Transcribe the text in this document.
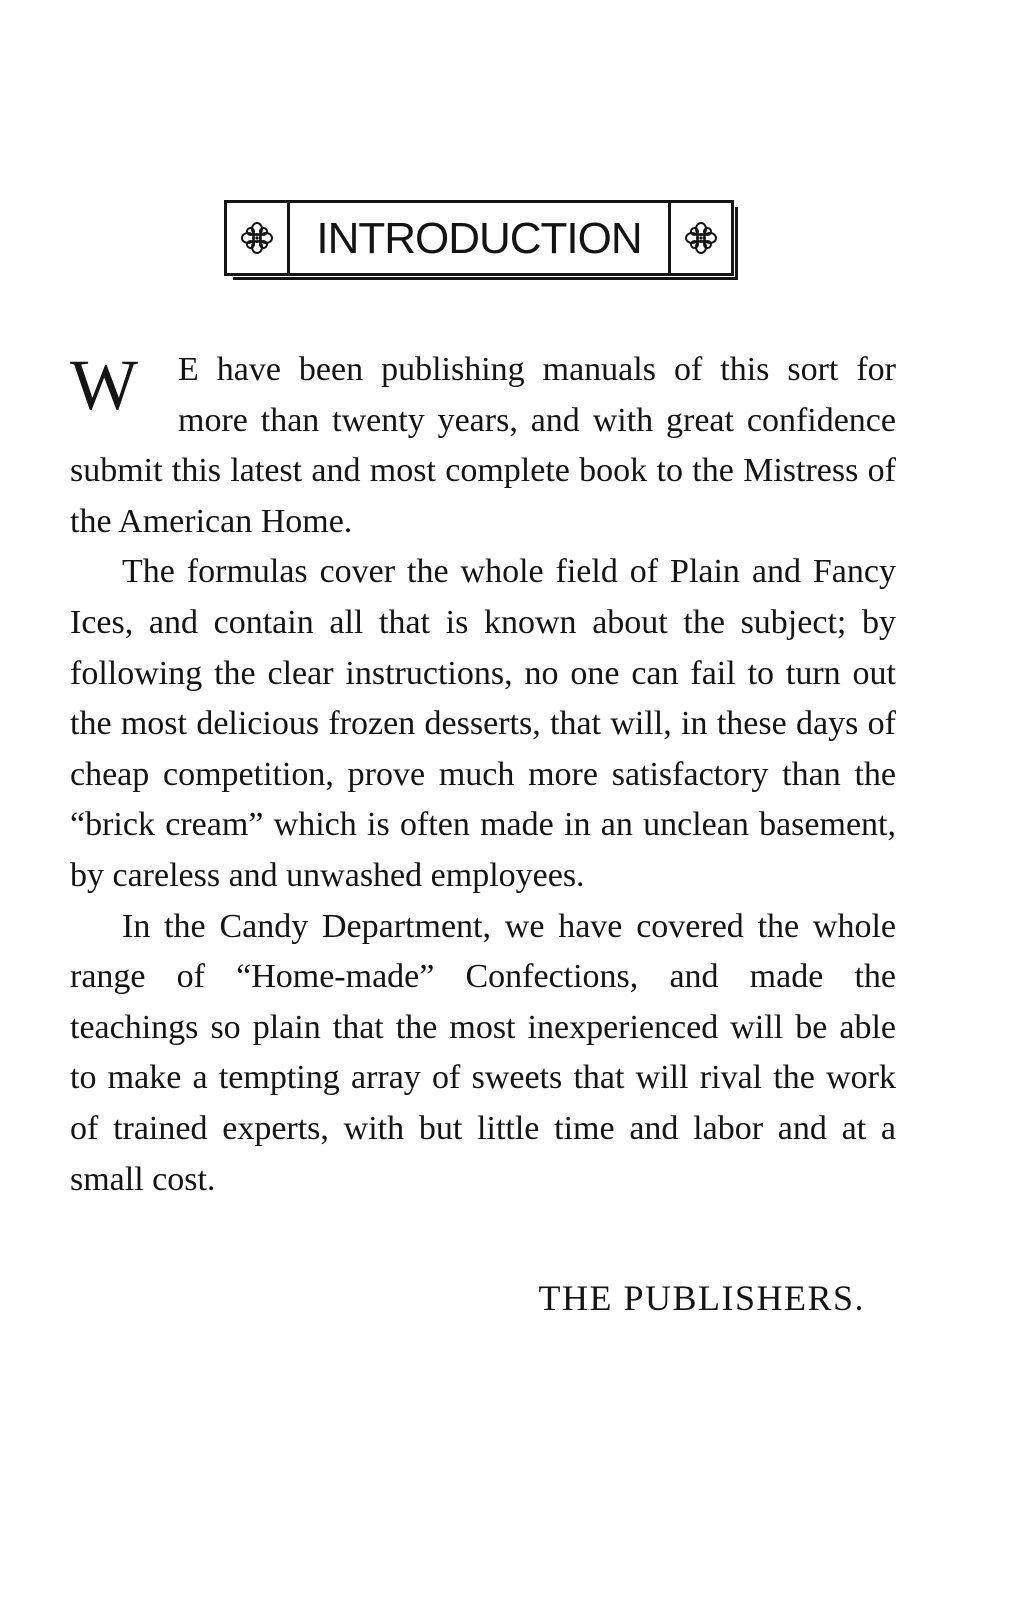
INTRODUCTION

W	E have been publishing manuals of this sort for more than twenty years, and with great confidence submit this latest and most complete book to the Mistress of the American Home.

The formulas cover the whole field of Plain and Fancy Ices, and contain all that is known about the subject; by following the clear instructions, no one can fail to turn out the most delicious frozen desserts, that will, in these days of cheap competition, prove much more satisfactory than the “brick cream” which is often made in an unclean basement, by careless and unwashed employees.

In the Candy Department, we have covered the whole range of “Home-made” Confections, and made the teachings so plain that the most inexperienced will be able to make a tempting array of sweets that will rival the work of trained experts, with but little time and labor and at a small cost.

THE PUBLISHERS.
